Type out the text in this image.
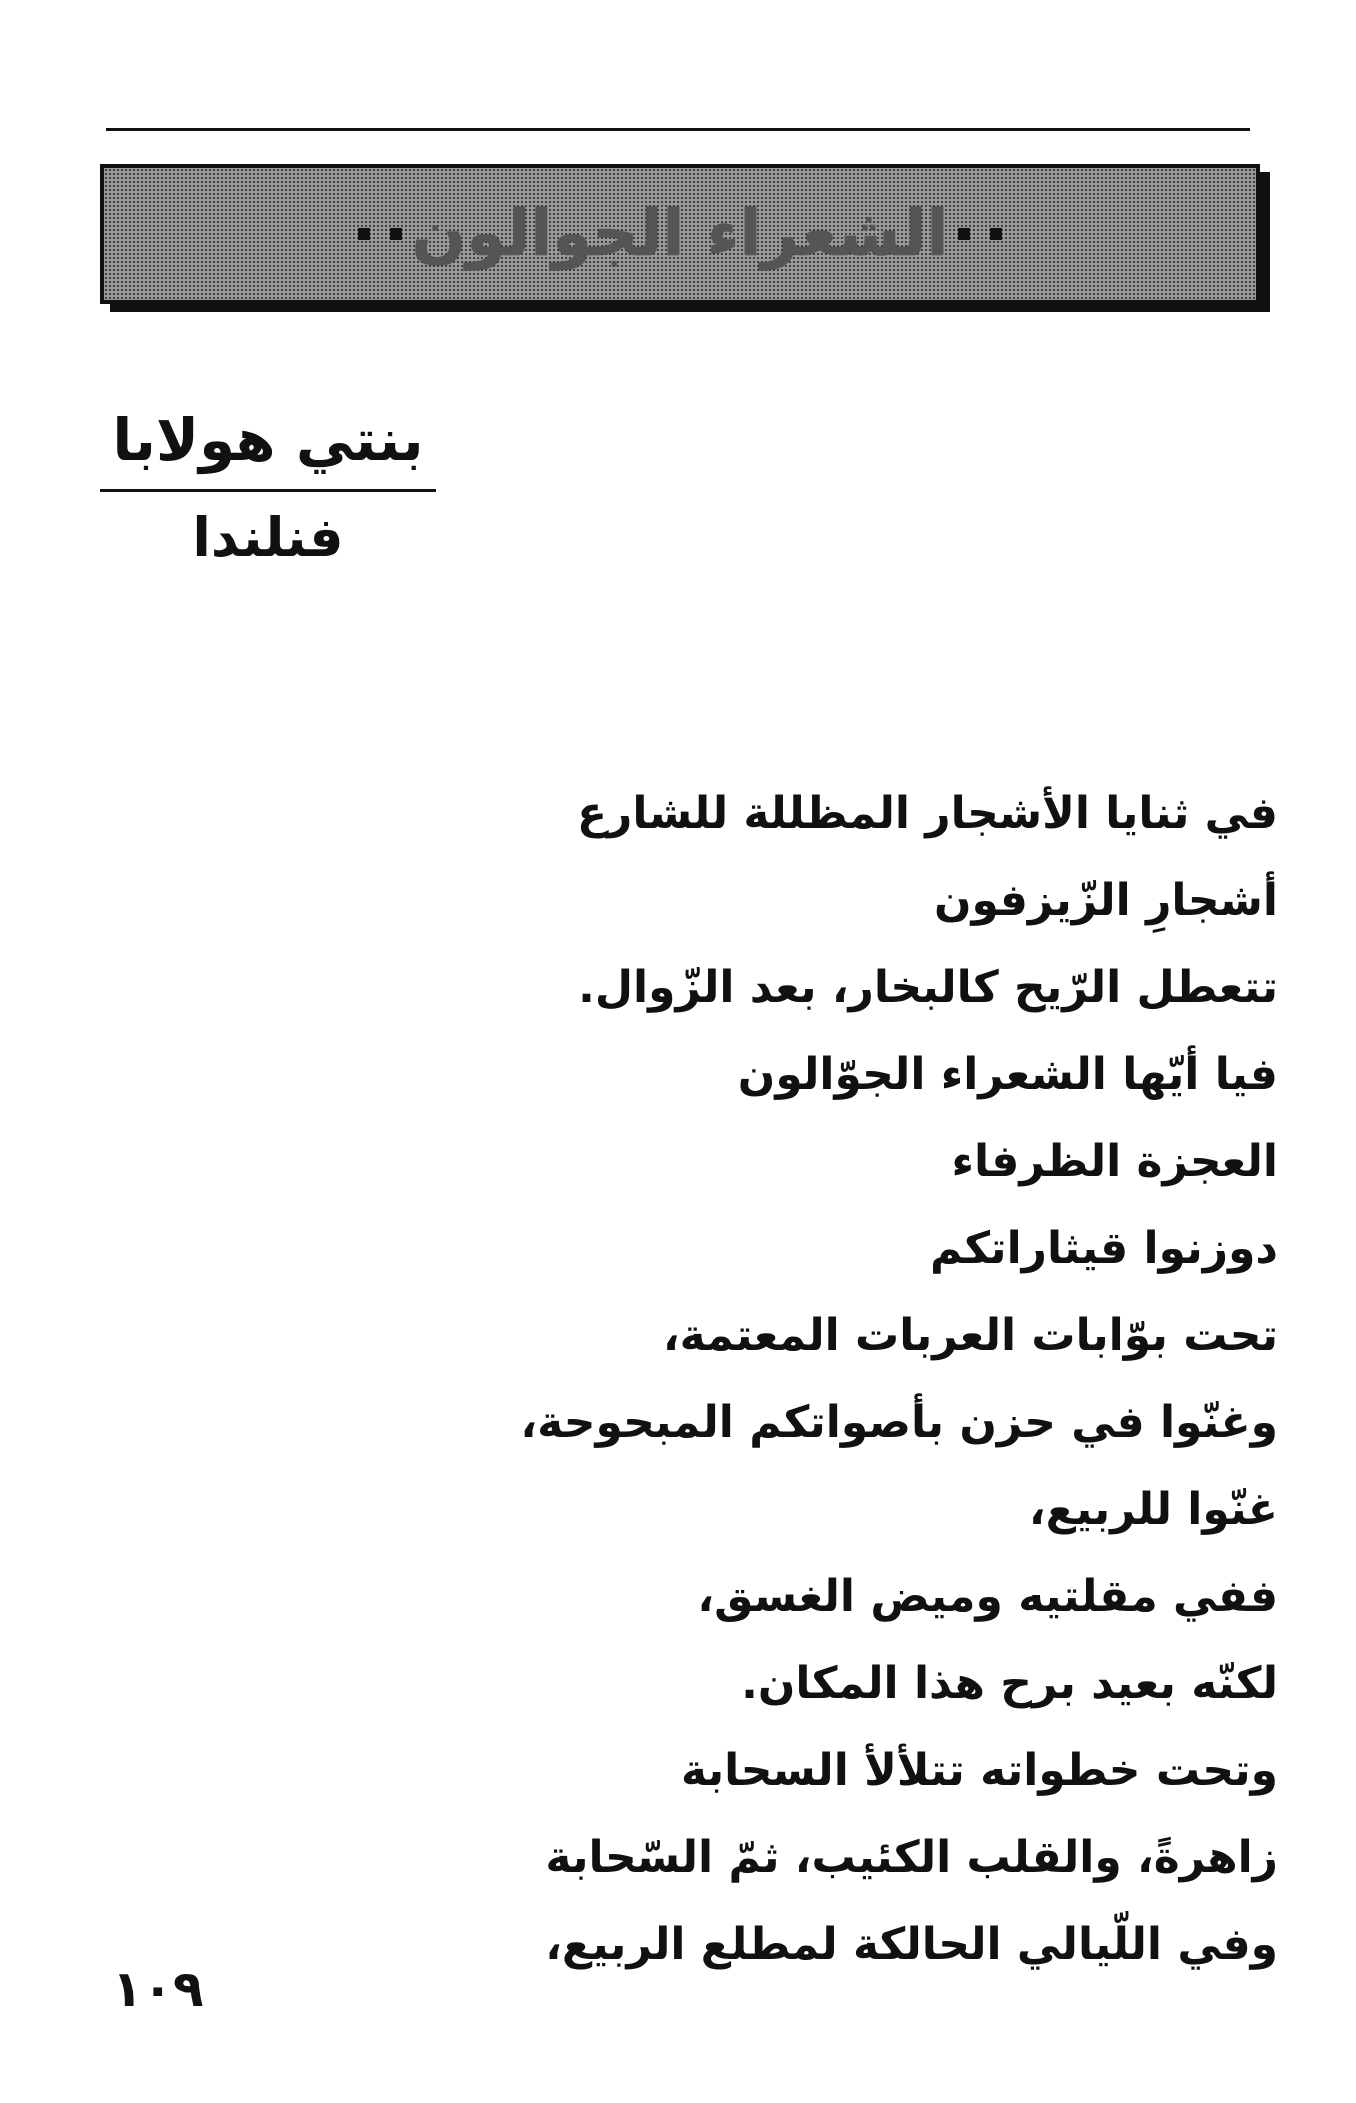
الشعراء الجوالون
بنتي هولابا
فنلندا
في ثنايا الأشجار المظللة للشارع
أشجارِ الزّيزفون
تتعطل الرّيح كالبخار، بعد الزّوال.
فيا أيّها الشعراء الجوّالون
العجزة الظرفاء
دوزنوا قيثاراتكم
تحت بوّابات العربات المعتمة،
وغنّوا في حزن بأصواتكم المبحوحة،
غنّوا للربيع،
ففي مقلتيه وميض الغسق،
لكنّه بعيد برح هذا المكان.
وتحت خطواته تتلألأ السحابة
زاهرةً، والقلب الكئيب، ثمّ السّحابة
وفي اللّيالي الحالكة لمطلع الربيع،
١٠٩
